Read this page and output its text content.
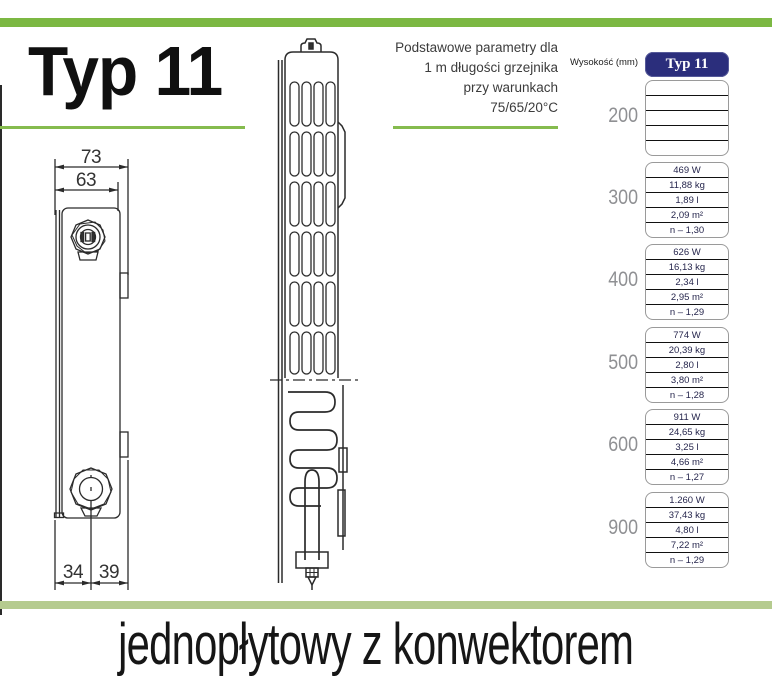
Typ 11	Podstawowe parametry dla
1 m długości grzejnika
przy warunkach
75/65/20°C
73
63
34 39
Wysokość (mm)	Typ 11
200
300
469 W
11,88 kg
1,89 l
2,09 m²
n – 1,30
400
626 W
16,13 kg
2,34 l
2,95 m²
n – 1,29
500
774 W
20,39 kg
2,80 l
3,80 m²
n – 1,28
600
911 W
24,65 kg
3,25 l
4,66 m²
n – 1,27
900
1.260 W
37,43 kg
4,80 l
7,22 m²
n – 1,29
jednopłytowy z konwektorem
